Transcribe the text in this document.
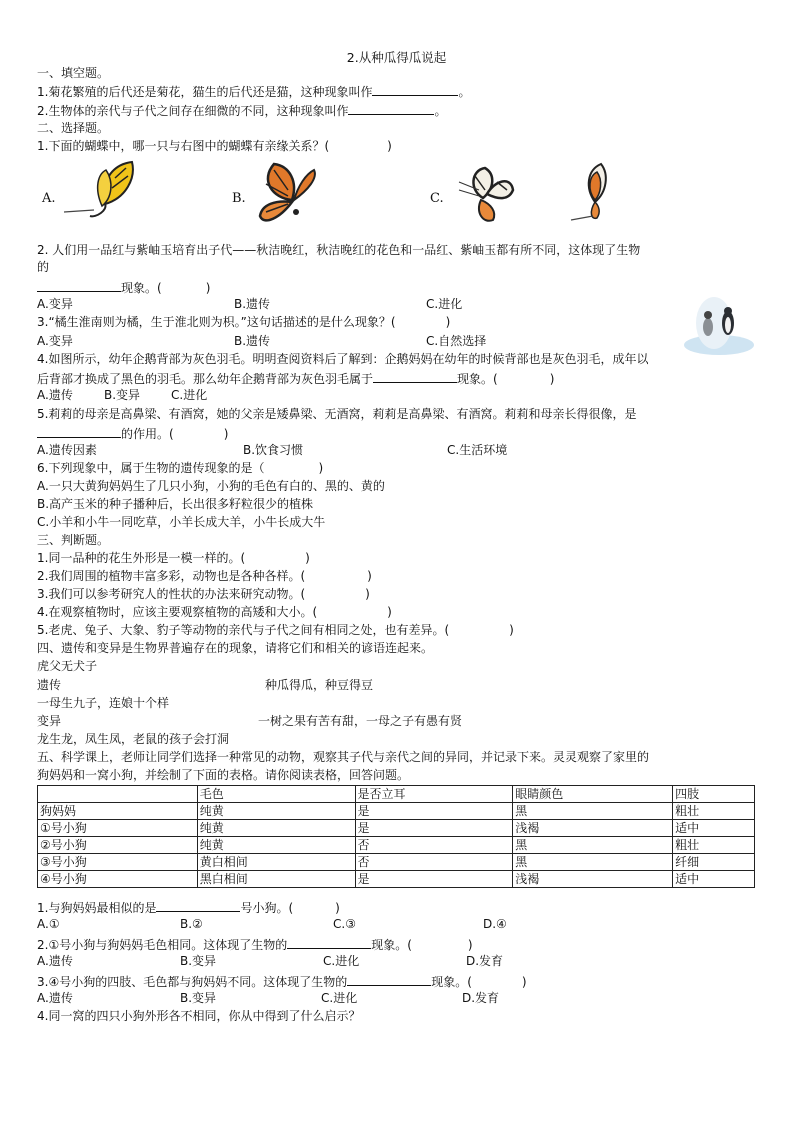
2.从种瓜得瓜说起
一、填空题。
1.菊花繁殖的后代还是菊花，猫生的后代还是猫，这种现象叫作	。
2.生物体的亲代与子代之间存在细微的不同，这种现象叫作	。
二、选择题。
1.下面的蝴蝶中，哪一只与右图中的蝴蝶有亲缘关系？(	)
A.	B.	C.
2. 人们用一品红与紫岫玉培育出子代——秋洁晚红，秋洁晚红的花色和一品红、紫岫玉都有所不同，这体现了生物
的
现象。(	)
A.变异	B.遗传	C.进化
3.“橘生淮南则为橘，生于淮北则为枳。”这句话描述的是什么现象？(	)
A.变异	B.遗传	C.自然选择
4.如图所示，幼年企鹅背部为灰色羽毛。明明查阅资料后了解到：企鹅妈妈在幼年的时候背部也是灰色羽毛，成年以
后背部才换成了黑色的羽毛。那么幼年企鹅背部为灰色羽毛属于	现象。(	)
A.遗传	B.变异	C.进化
5.莉莉的母亲是高鼻梁、有酒窝，她的父亲是矮鼻梁、无酒窝，莉莉是高鼻梁、有酒窝。莉莉和母亲长得很像，是
的作用。(	)
A.遗传因素	B.饮食习惯	C.生活环境
6.下列现象中，属于生物的遗传现象的是（	)
A.一只大黄狗妈妈生了几只小狗，小狗的毛色有白的、黑的、黄的
B.高产玉米的种子播种后，长出很多籽粒很少的植株
C.小羊和小牛一同吃草，小羊长成大羊，小牛长成大牛
三、判断题。
1.同一品种的花生外形是一模一样的。(	)
2.我们周围的植物丰富多彩，动物也是各种各样。(	)
3.我们可以参考研究人的性状的办法来研究动物。(	)
4.在观察植物时，应该主要观察植物的高矮和大小。(	)
5.老虎、兔子、大象、豹子等动物的亲代与子代之间有相同之处，也有差异。(	)
四、遗传和变异是生物界普遍存在的现象，请将它们和相关的谚语连起来。
虎父无犬子
遗传	种瓜得瓜，种豆得豆
一母生九子，连娘十个样
变异	一树之果有苦有甜，一母之子有愚有贤
龙生龙，凤生凤，老鼠的孩子会打洞
五、科学课上，老师让同学们选择一种常见的动物，观察其子代与亲代之间的异同，并记录下来。灵灵观察了家里的
狗妈妈和一窝小狗，并绘制了下面的表格。请你阅读表格，回答问题。
	毛色	是否立耳	眼睛颜色	四肢
狗妈妈	纯黄	是	黑	粗壮
①号小狗	纯黄	是	浅褐	适中
②号小狗	纯黄	否	黑	粗壮
③号小狗	黄白相间	否	黑	纤细
④号小狗	黑白相间	是	浅褐	适中
1.与狗妈妈最相似的是	号小狗。(	)
A.①	B.②	C.③	D.④
2.①号小狗与狗妈妈毛色相同。这体现了生物的	现象。(	)
A.遗传	B.变异	C.进化	D.发育
3.④号小狗的四肢、毛色都与狗妈妈不同。这体现了生物的	现象。(	)
A.遗传	B.变异	C.进化	D.发育
4.同一窝的四只小狗外形各不相同，你从中得到了什么启示？
